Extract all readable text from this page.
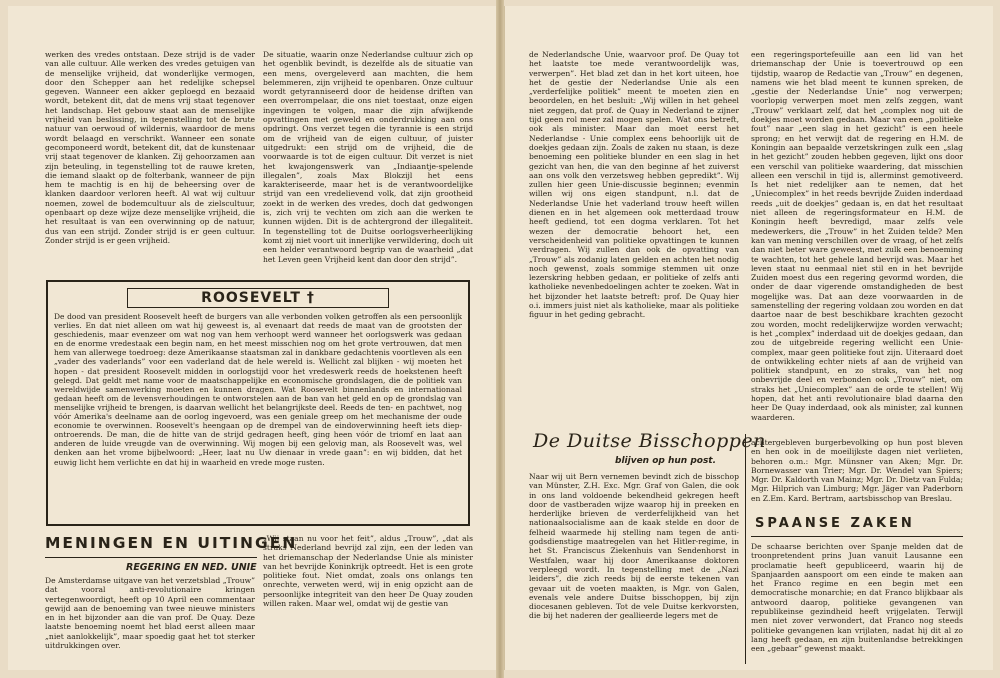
werken des vredes ontstaan. Deze strijd is de vader van alle cultuur. Alle werken des vredes getuigen van de menselijke vrijheid, dat wonderlijke vermogen, door den Schepper aan het redelijke schepsel gegeven. Wanneer een akker geploegd en bezaaid wordt, betekent dit, dat de mens vrij staat tegenover het landschap. Het gebouw staat aan de menselijke vrijheid van beslissing, in tegenstelling tot de brute natuur van oerwoud of wildernis, waardoor de mens wordt belaagd en verschrikt. Wanneer een sonate gecomponeerd wordt, betekent dit, dat de kunstenaar vrij staat tegenover de klanken. Zij gehoorzamen aan zijn beteuling, in tegenstelling tot de rauwe kreten, die iemand slaakt op de folterbank, wanneer de pijn hem te machtig is en hij de beheersing over de klanken daardoor verloren heeft. Al wat wij cultuur noemen, zowel de bodemcultuur als de zielscultuur, openbaart op deze wijze deze menselijke vrijheid, die het resultaat is van een overwinning op de natuur, dus van een strijd. Zonder strijd is er geen cultuur. Zonder strijd is er geen vrijheid.
De situatie, waarin onze Nederlandse cultuur zich op het ogenblik bevindt, is dezelfde als de situatie van een mens, overgeleverd aan machten, die hem belemmeren, zijn vrijheid te openbaren. Onze cultuur wordt getyranniseerd door de heidense driften van een overrompelaar, die ons niet toestaat, onze eigen ingevingen te volgen, maar die zijn afwijkende opvattingen met geweld en onderdrukking aan ons opdringt. Ons verzet tegen die tyrannie is een strijd om de vrijheid van de eigen cultuur, of juister uitgedrukt: een strijd om de vrijheid, die de voorwaarde is tot de eigen cultuur. Dit verzet is niet het kwajongenswerk van „Indiaantje-spelende illegalen”, zoals Max Blokzijl het eens karakteriseerde, maar het is de verantwoordelijke strijd van een vredelievend volk, dat zijn grootheid zoekt in de werken des vredes, doch dat gedwongen is, zich vrij te vechten om zich aan die werken te kunnen wijden. Dit is de achtergrond der illegaliteit. In tegenstelling tot de Duitse oorlogsverheerlijking komt zij niet voort uit innerlijke verwildering, doch uit een helder verantwoord begrip van de waarheid „dat het Leven geen Vrijheid kent dan door den strijd”.
ROOSEVELT †
De dood van president Roosevelt heeft de burgers van alle verbonden volken getroffen als een persoonlijk verlies. En dat niet alleen om wat hij geweest is, al evenaart dat reeds de maat van de grootsten der geschiedenis, maar evenzeer om wat nog van hem verhoopt werd wanneer het oorlogswerk was gedaan en de enorme vredestaak een begin nam, en het meest misschien nog om het grote vertrouwen, dat men hem van allerwege toedroeg: deze Amerikaanse staatsman zal in dankbare gedachtenis voortleven als een „vader des vaderlands” voor een vaderland dat de hele wereld is. Wellicht zal blijken - wij moeten het hopen - dat president Roosevelt midden in oorlogstijd voor het vredeswerk reeds de hoekstenen heeft gelegd. Dat geldt met name voor de maatschappelijke en economische grondslagen, die de politiek van wereldwijde samenwerking moeten en kunnen dragen. Wat Roosevelt binnenlands en internationaal gedaan heeft om de levensverhoudingen te ontworstelen aan de ban van het geld en op de grondslag van menselijke vrijheid te brengen, is daarvan wellicht het belangrijkste deel. Reeds de ten- en pachtwet, nog vóór Amerika's deelname aan de oorlog ingevoerd, was een geniale greep om het mechanisme der oude economie te overwinnen. Roosevelt's heengaan op de drempel van de eindoverwinning heeft iets diep-ontroerends. De man, die de hitte van de strijd gedragen heeft, ging heen vóór de triomf en laat aan anderen de luide vreugde van de overwinning. Wij mogen bij een gelovig man, als Roosevelt was, wel denken aan het vrome bijbelwoord: „Heer, laat nu Uw dienaar in vrede gaan”: en wij bidden, dat het euwig licht hem verlichte en dat hij in waarheid en vrede moge rusten.
MENINGEN EN UITINGEN
REGERING EN NED. UNIE
De Amsterdamse uitgave van het verzetsblad „Trouw” dat vooral anti-revolutionaire kringen vertegenwoordigt, heeft op 10 April een commentaar gewijd aan de benoeming van twee nieuwe ministers en in het bijzonder aan die van prof. De Quay. Deze laatste benoeming noemt het blad eerst alleen maar „niet aanlokkelijk”, maar spoedig gaat het tot sterker uitdrukkingen over.
„Wij staan nu voor het feit”, aldus „Trouw”, „dat als straks Nederland bevrijd zal zijn, een der leden van het driemanschap der Nederlandse Unie als minister van het bevrijde Koninkrijk optreedt. Het is een grote politieke fout. Niet omdat, zoals ons onlangs ten onrechte, verweten werd, wij in enig opzicht aan de persoonlijke integriteit van den heer De Quay zouden willen raken. Maar wel, omdat wij de gestie van
de Nederlandsche Unie, waarvoor prof. De Quay tot het laatste toe mede verantwoordelijk was, verwerpen”. Het blad zet dan in het kort uiteen, hoe het de gestie der Nederlandse Unie als een „verderfelijke politiek” meent te moeten zien en beoordelen, en het besluit: „Wij willen in het geheel niet zeggen, dat prof. de Quay in Nederland te zijner tijd geen rol meer zal mogen spelen. Wat ons betreft, ook als minister. Maar dan moet eerst het Nederlandse - Unie complex eens behoorlijk uit de doekjes gedaan zijn. Zoals de zaken nu staan, is deze benoeming een politieke blunder en een slag in het gezicht van hen, die van den beginne af het zuiverst aan ons volk den verzetsweg hebben gepredikt”. Wij zullen hier geen Unie-discussie beginnen; evenmin willen wij ons eigen standpunt, n.l. dat de Nederlandse Unie het vaderland trouw heeft willen dienen en in het algemeen ook metterdaad trouw heeft gediend, tot een dogma verklaren. Tot het wezen der democratie behoort het, een verscheidenheid van politieke opvattingen te kunnen verdragen. Wij zullen dan ook de opvatting van „Trouw” als zodanig laten gelden en achten het nodig noch gewenst, zoals sommige stemmen uit onze lezerskring hebben gedaan, er politieke of zelfs anti katholieke nevenbedoelingen achter te zoeken. Wat in het bijzonder het laatste betreft: prof. De Quay hier o.i. immers juist niet als katholieke, maar als politieke figuur in het geding gebracht.
een regeringsportefeuille aan een lid van het driemanschap der Unie is toevertrouwd op een tijdstip, waarop de Redactie van „Trouw” en degenen, namens wie het blad meent te kunnen spreken, de „gestie der Nederlandse Unie” nog verwerpen; voorlopig verwerpen moet men zelfs zeggen, want „Trouw” verklaart zelf, dat het „complex nog uit de doekjes moet worden gedaan. Maar van een „politieke fout” naar „een slag in het gezicht” is een heele sprong; en het verwijt dat de regering en H.M. de Koningin aan bepaalde verzetskringen zulk een „slag in het gezicht” zouden hebben gegeven, lijkt ons door een verschil van politieke waardering, dat misschien alleen een verschil in tijd is, allerminst gemotiveerd. Is het niet redelijker aan te nemen, dat het „Uniecomplex” in het reeds bevrijde Zuiden inderdaad reeds „uit de doekjes” gedaan is, en dat het resultaat niet alleen de regeringsformateur en H.M. de Koningin heeft bevredigd, maar zelfs vele medewerkers, die „Trouw” in het Zuiden telde? Men kan van mening verschillen over de vraag, of het zelfs dan niet beter ware geweest, met zulk een benoeming te wachten, tot het gehele land bevrijd was. Maar het leven staat nu eenmaal niet stil en in het bevrijde Zuiden moest dus een regering gevormd worden, die onder de daar vigerende omstandigheden de best mogelijke was. Dat aan deze voorwaarden in de samenstelling der regering voldaan zou worden en dat daartoe naar de best beschikbare krachten gezocht zou worden, mocht redelijkerwijze worden verwacht; is het „complex” inderdaad uit de doekjes gedaan, dan zou de uitgebreide regering wellicht een Unie-complex, maar geen politieke fout zijn. Uiteraard doet de ontwikkeling echter niets af aan de vrijheid van politiek standpunt, en zo straks, van het nog onbevrijde deel en verbonden ook „Trouw” niet, om straks het „Uniecomplex” aan de orde te stellen! Wij hopen, dat het anti revolutionaire blad daarna den heer De Quay inderdaad, ook als minister, zal kunnen waarderen.
De Duitse Bisschoppen
blijven op hun post.
Naar wij uit Bern vernemen bevindt zich de bisschop van Münster, Z.H. Exc. Mgr. Graf von Galen, die ook in ons land voldoende bekendheid gekregen heeft door de vastberaden wijze waarop hij in preeken en herderlijke brieven de verderfelijkheid van het nationaalsocialisme aan de kaak stelde en door de felheid waarmede hij stelling nam tegen de anti-godsdienstige maatregelen van het Hitler-regime, in het St. Franciscus Ziekenhuis van Sendenhorst in Westfalen, waar hij door Amerikaanse doktoren verpleegd wordt. In tegenstelling met de „Nazi leiders”, die zich reeds bij de eerste tekenen van gevaar uit de voeten maakten, is Mgr. von Galen, evenals vele andere Duitse bisschoppen, bij zijn diocesanen gebleven. Tot de vele Duitse kerkvorsten, die bij het naderen der geallieerde legers met de
achtergebleven burgerbevolking op hun post bleven en hen ook in de moeilijkste dagen niet verlieten, behoren o.m.: Mgr. Münsner van Aken; Mgr. Dr. Bornewasser van Trier; Mgr. Dr. Wendel van Spiers; Mgr. Dr. Kaldorth van Mainz; Mgr. Dr. Dietz van Fulda; Mgr. Hilprich van Limburg; Mgr. Jäger van Paderborn en Z.Em. Kard. Bertram, aartsbisschop van Breslau.
SPAANSE ZAKEN
De schaarse berichten over Spanje melden dat de troonpretendent prins Juan vanuit Lausanne een proclamatie heeft gepubliceerd, waarin hij de Spanjaarden aanspoort om een einde te maken aan het Franco regime en een begin met een democratische monarchie; en dat Franco blijkbaar als antwoord daarop, politieke gevangenen van republikeinse gezindheid heeft vrijgelaten. Terwijl men niet zover verwondert, dat Franco nog steeds politieke gevangenen kan vrijlaten, nadat hij dit al zo lang heeft gedaan, en zijn buitenlandse betrekkingen een „gebaar” gewenst maakt.
